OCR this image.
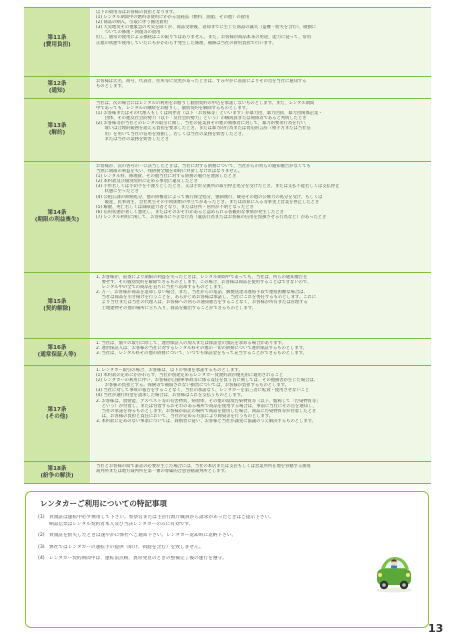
第11条
(費用負担)

以下の費用等はお客様の負担となります。

(1) レンタル期間中の燃料等使用にかかる消耗品（燃料、油脂、その他）の費用

(2) 商品の納入、引取に伴う搬送費用

(3) 天災地変その他緊急の火災を除くか、商品受領後、返却までに生じた商品の滅失（盗難・紛失を含む）、破損に

　　ついての修理・回復等の費用

但し、通常の使用による損耗はこの限りではありません。また、お客様が商品本来の用途、能力に従って、常用

正規の状態で使用していたにもかかわらず発生した修理、補修は当社の費用負担で行います。

第12条
(通知)

お客様は氏名、商号、代表者、住所等に変更があったときは、すみやかに書面によりその旨を当社に通知する

ものとします。

第13条
(解約)

当社は、次の場合にはレンタルの利用をお断りし個別契約の申込を承諾しないものとします。また、レンタル期間

中であっても、レンタルの継続をお断りし、個別契約を解除するものとします。

(1) お客様またはその代理人もしくは同伴者（以下「お客様等」といいます）が暴力団、暴力団員、暴力団関係企業・

　　団体、その他反社会的勢力（以下「反社会的勢力」という）の構成員または関係者であると判明したとき

(2) お客様等が当社とのレンタル取引に関し、当社の従業員その他の関係者に対して、暴力的要求行為を行い、

　　或いは合理的範囲を超える負担を要求したとき、または暴力的行為または脅迫的言辞（相手方または当社信

　　用）を用いて当社の信用を毀損し、若しくは当社の業務を妨害したとき、

　　または当社の業務を妨害したとき

第14条
(期限の利益喪失)

お客様が、次の各号の一に該当したときは、当社に対する債務について、当社からの何らの通知催告がなくても

当然に期限の利益を失い、残債務全額を即時に弁済しなければなりません。

(1) レンタル料、修理費、その他当社に対する債務の履行を遅滞したとき

(2) 本約款及び個別契約に定める事項に違反したとき

(3) 手形若しくは小切手を不渡りとしたとき、又は手形交換所の取引停止処分を受けたとき、または支払不能若しくは支払停止

　　状態に至ったとき

(4) 公租公課の滞納処分、他の債権者によって執行保全処分、強制執行、競売その他の公権力の処分を受け、もしくは

　　破産、民事再生、会社更生その手続開始の申立てがあったとき、または清算に入る等事実上営業を停止したとき

(5) 解散、死亡若しくは制限能力者となり、または住所・居所が不明となったとき

(6) 信用状態が著しく悪化し、またはそのおそれがあると認められる客観的な事情が発生したとき

(7) レンタル利用に関して、お客様等に不正な行為（違法行為またはお客様の信用を毀損させる行為など）があったとき

第15条
(契約解除)

1. お客様が、前条により期限の利益を失ったときは、レンタル期間中であっても、当社は、何らの通知催告を

　 要せず、その個別契約を解除できるものとします。この場合、お客様は商品を使用することはできないので、

　 レンタル中の全ての商品を直ちに当社へ返却するものとします。

2. 万一、お客様が商品を返却しない場合、また、当社からの電話、郵便送達等連絡手段で連絡困難な場合は、

　 当社は商品を引き揚げを行うことを、あらかじめお客様は承諾し、当社にこれを委任するものとします。これに

　 より当社または当社の代理人は、お客様への何らの通知催告をすることなく、お客様が所有または管理する

　 土地建物その他の場所に立ち入り、商品を搬出することができるものとします。

第16条
(通常保証人等)

1. 当社は、個々の取引に際して、連帯保証人の加入または保証金の預託を求める場合があります。

2. 連帯保証人は、お客様の当社に対するレンタル料その他の一切の債務について連帯保証するものとします。

3. 当社は、レンタル料その他の債務について、いつでも保証金をもって充当することができるものとします。

第17条
(その他)

1. レンタカー取引の場合、お客様は、以下の事項を承諾するものとします。

(1) 本約款の定めにかかわらず、当社が別途定めるレンタカー貸渡約款が優先的に適用されること

(2) レンタカーの利用に伴い、お客様が自動車事故等に係る責任を負う旨に関しては、その他損害が生じた場合は、

　　お客様の負担とする。保険等で補償されない損害については、お客様が負担するものとします。

(3) 当社に対して事故の報告をすることなく、当社の承諾なく、レンタカーを第三者に転貸・使用させないこと

(4) 当社が通行料金を請求した場合は、お客様はこれを支払うものとします。

2. お客様は、放射能、アスベスト等の有害物質、病原体、その他の環境汚染物質等（以下、総称して「汚染物質等」

　 という）が付着し、または付着するおそれのある場所で商品を使用する場合は、事前に当社にその旨を通知し、

　 当社の承諾を得るものとします。お客様が前記の場所で商品を使用した場合、商品に汚染物質等が付着したとき

　 は、お客様の負担と責任において、当社が定める方法により除染等を行うものとします。

3. 本約款に定めのない事項については、商慣習に従い、お客様と当社が誠実に協議のうえ解決するものとします。

第18条
(紛争の解決)

当社とお客様の間で訴訟の必要が生じた場合には、当社の本店または支店もしくは営業所所在地を管轄する簡易

裁判所または地方裁判所を第一審の専属的合意管轄裁判所とします。

レンタカーご利用についての特記事項
(1) 貸渡証は運転中必ず携帯して下さい。警察官または主管行政庁職員から請求があったときはご提示下さい。

納品伝票はレンタル契約者本人及び当該レンタカーのみに有効です。

(2) 貸渡証を紛失したときは速やかに弊社へご通知下さい。レンタカー返却時に返納下さい。

(3) 弊社ではレンタカーの運転手の提供（紹介、斡旋を含む）を致しません。

(4) レンタカー契約期間中は、運転前点検、異常発見のときの整備完了後の運行を遵守。

13
